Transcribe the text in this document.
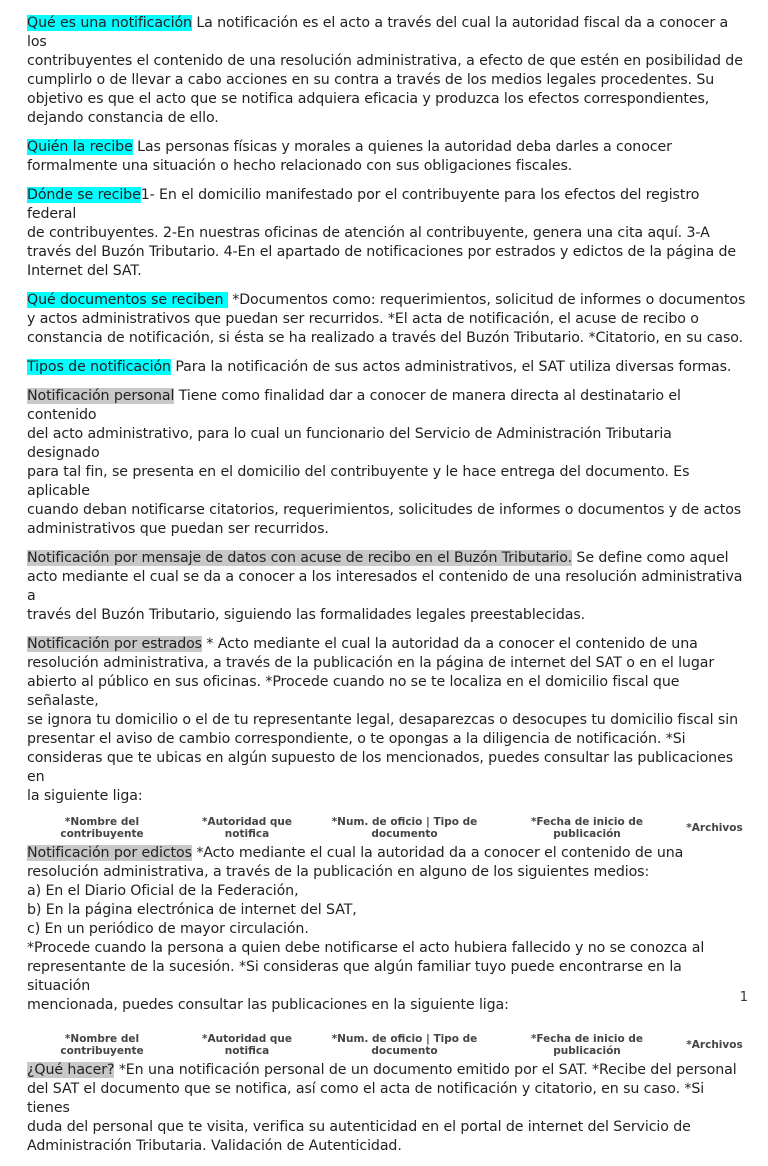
Qué es una notificación La notificación es el acto a través del cual la autoridad fiscal da a conocer a los
contribuyentes el contenido de una resolución administrativa, a efecto de que estén en posibilidad de
cumplirlo o de llevar a cabo acciones en su contra a través de los medios legales procedentes. Su
objetivo es que el acto que se notifica adquiera eficacia y produzca los efectos correspondientes,
dejando constancia de ello.

Quién la recibe Las personas físicas y morales a quienes la autoridad deba darles a conocer
formalmente una situación o hecho relacionado con sus obligaciones fiscales.

Dónde se recibe1- En el domicilio manifestado por el contribuyente para los efectos del registro federal
de contribuyentes. 2-En nuestras oficinas de atención al contribuyente, genera una cita aquí. 3-A
través del Buzón Tributario. 4-En el apartado de notificaciones por estrados y edictos de la página de
Internet del SAT.

Qué documentos se reciben  *Documentos como: requerimientos, solicitud de informes o documentos
y actos administrativos que puedan ser recurridos. *El acta de notificación, el acuse de recibo o
constancia de notificación, si ésta se ha realizado a través del Buzón Tributario. *Citatorio, en su caso.

Tipos de notificación Para la notificación de sus actos administrativos, el SAT utiliza diversas formas.

Notificación personal Tiene como finalidad dar a conocer de manera directa al destinatario el contenido
del acto administrativo, para lo cual un funcionario del Servicio de Administración Tributaria designado
para tal fin, se presenta en el domicilio del contribuyente y le hace entrega del documento. Es aplicable
cuando deban notificarse citatorios, requerimientos, solicitudes de informes o documentos y de actos
administrativos que puedan ser recurridos.

Notificación por mensaje de datos con acuse de recibo en el Buzón Tributario. Se define como aquel
acto mediante el cual se da a conocer a los interesados el contenido de una resolución administrativa a
través del Buzón Tributario, siguiendo las formalidades legales preestablecidas.

Notificación por estrados * Acto mediante el cual la autoridad da a conocer el contenido de una
resolución administrativa, a través de la publicación en la página de internet del SAT o en el lugar
abierto al público en sus oficinas. *Procede cuando no se te localiza en el domicilio fiscal que señalaste,
se ignora tu domicilio o el de tu representante legal, desaparezcas o desocupes tu domicilio fiscal sin
presentar el aviso de cambio correspondiente, o te opongas a la diligencia de notificación. *Si
consideras que te ubicas en algún supuesto de los mencionados, puedes consultar las publicaciones en
la siguiente liga:

*Nombre del
contribuyente
*Autoridad que
notifica
*Num. de oficio | Tipo de
documento
*Fecha de inicio de
publicación	*Archivos

Notificación por edictos *Acto mediante el cual la autoridad da a conocer el contenido de una
resolución administrativa, a través de la publicación en alguno de los siguientes medios:
a) En el Diario Oficial de la Federación,
b) En la página electrónica de internet del SAT,
c) En un periódico de mayor circulación.
*Procede cuando la persona a quien debe notificarse el acto hubiera fallecido y no se conozca al
representante de la sucesión. *Si consideras que algún familiar tuyo puede encontrarse en la situación
mencionada, puedes consultar las publicaciones en la siguiente liga:

*Nombre del
contribuyente
*Autoridad que
notifica
*Num. de oficio | Tipo de
documento
*Fecha de inicio de
publicación	*Archivos

¿Qué hacer? *En una notificación personal de un documento emitido por el SAT. *Recibe del personal
del SAT el documento que se notifica, así como el acta de notificación y citatorio, en su caso. *Si tienes
duda del personal que te visita, verifica su autenticidad en el portal de internet del Servicio de
Administración Tributaria. Validación de Autenticidad.

1
